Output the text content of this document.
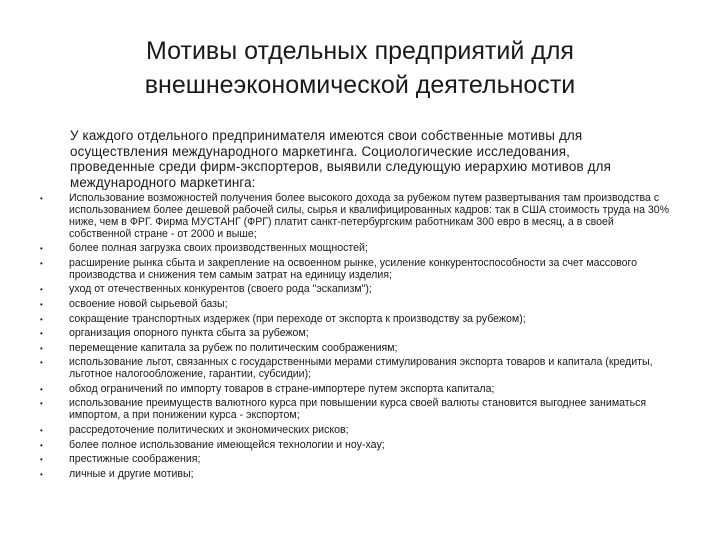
Мотивы отдельных предприятий для
внешнеэкономической деятельности
У каждого отдельного предпринимателя имеются свои собственные мотивы для осуществления международного маркетинга. Социологические исследования, проведенные среди фирм-экспортеров, выявили следующую иерархию мотивов для международного маркетинга:
• Использование возможностей получения более высокого дохода за рубежом путем развертывания там производства с использованием более дешевой рабочей силы, сырья и квалифицированных кадров: так в США стоимость труда на 30% ниже, чем в ФРГ. Фирма МУСТАНГ (ФРГ) платит санкт-петербургским работникам 300 евро в месяц, а в своей собственной стране - от 2000 и выше;
• более полная загрузка своих производственных мощностей;
• расширение рынка сбыта и закрепление на освоенном рынке, усиление конкурентоспособности за счет массового производства и снижения тем самым затрат на единицу изделия;
• уход от отечественных конкурентов (своего рода "эскапизм");
• освоение новой сырьевой базы;
• сокращение транспортных издержек (при переходе от экспорта к производству за рубежом);
• организация опорного пункта сбыта за рубежом;
• перемещение капитала за рубеж по политическим соображениям;
• использование льгот, связанных с государственными мерами стимулирования экспорта товаров и капитала (кредиты, льготное налогообложение, гарантии, субсидии);
• обход ограничений по импорту товаров в стране-импортере путем экспорта капитала;
• использование преимуществ валютного курса при повышении курса своей валюты становится выгоднее заниматься импортом, а при понижении курса - экспортом;
• рассредоточение политических и экономических рисков;
• более полное использование имеющейся технологии и ноу-хау;
• престижные соображения;
• личные и другие мотивы;
